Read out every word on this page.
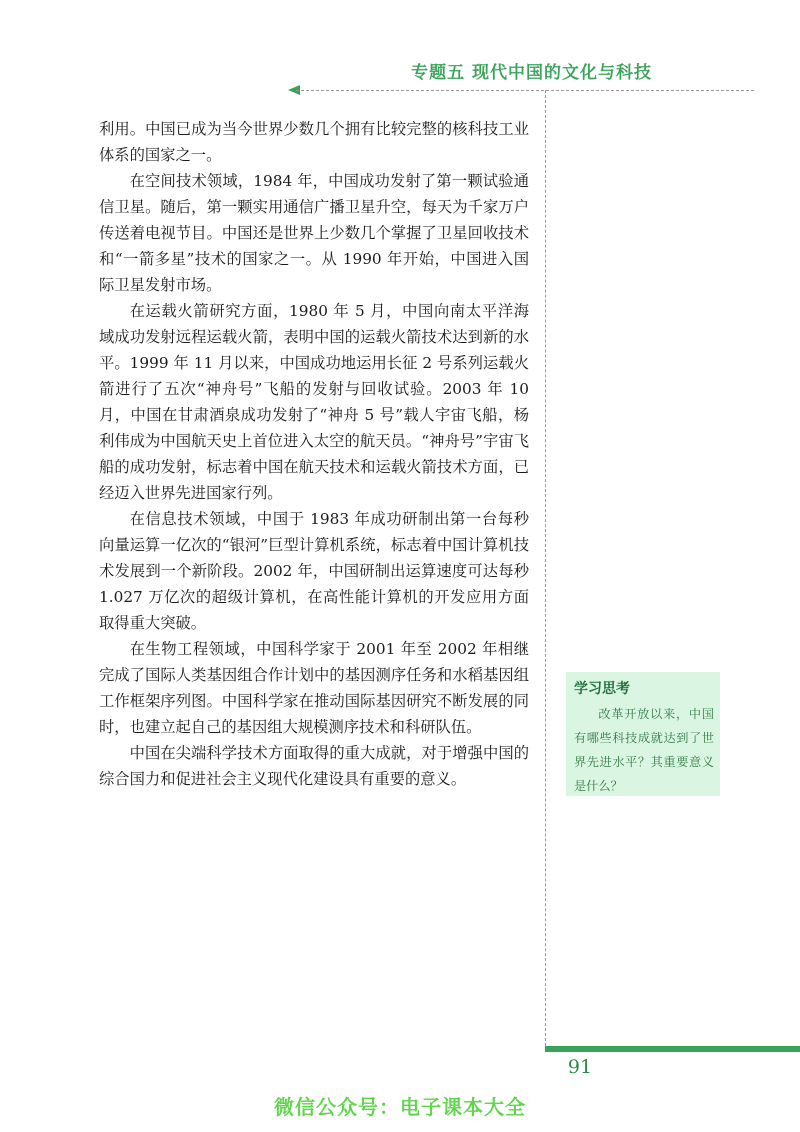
专题五 现代中国的文化与科技

利用。中国已成为当今世界少数几个拥有比较完整的核科技工业体系的国家之一。

在空间技术领域，1984 年，中国成功发射了第一颗试验通信卫星。随后，第一颗实用通信广播卫星升空，每天为千家万户传送着电视节目。中国还是世界上少数几个掌握了卫星回收技术和“一箭多星”技术的国家之一。从 1990 年开始，中国进入国际卫星发射市场。

在运载火箭研究方面，1980 年 5 月，中国向南太平洋海域成功发射远程运载火箭，表明中国的运载火箭技术达到新的水平。1999 年 11 月以来，中国成功地运用长征 2 号系列运载火箭进行了五次“神舟号”飞船的发射与回收试验。2003 年 10 月，中国在甘肃酒泉成功发射了“神舟 5 号”载人宇宙飞船，杨利伟成为中国航天史上首位进入太空的航天员。“神舟号”宇宙飞船的成功发射，标志着中国在航天技术和运载火箭技术方面，已经迈入世界先进国家行列。

在信息技术领域，中国于 1983 年成功研制出第一台每秒向量运算一亿次的“银河”巨型计算机系统，标志着中国计算机技术发展到一个新阶段。2002 年，中国研制出运算速度可达每秒 1.027 万亿次的超级计算机，在高性能计算机的开发应用方面取得重大突破。

在生物工程领域，中国科学家于 2001 年至 2002 年相继完成了国际人类基因组合作计划中的基因测序任务和水稻基因组工作框架序列图。中国科学家在推动国际基因研究不断发展的同时，也建立起自己的基因组大规模测序技术和科研队伍。

中国在尖端科学技术方面取得的重大成就，对于增强中国的综合国力和促进社会主义现代化建设具有重要的意义。

学习思考

改革开放以来，中国有哪些科技成就达到了世界先进水平？其重要意义是什么？

91
微信公众号：电子课本大全
